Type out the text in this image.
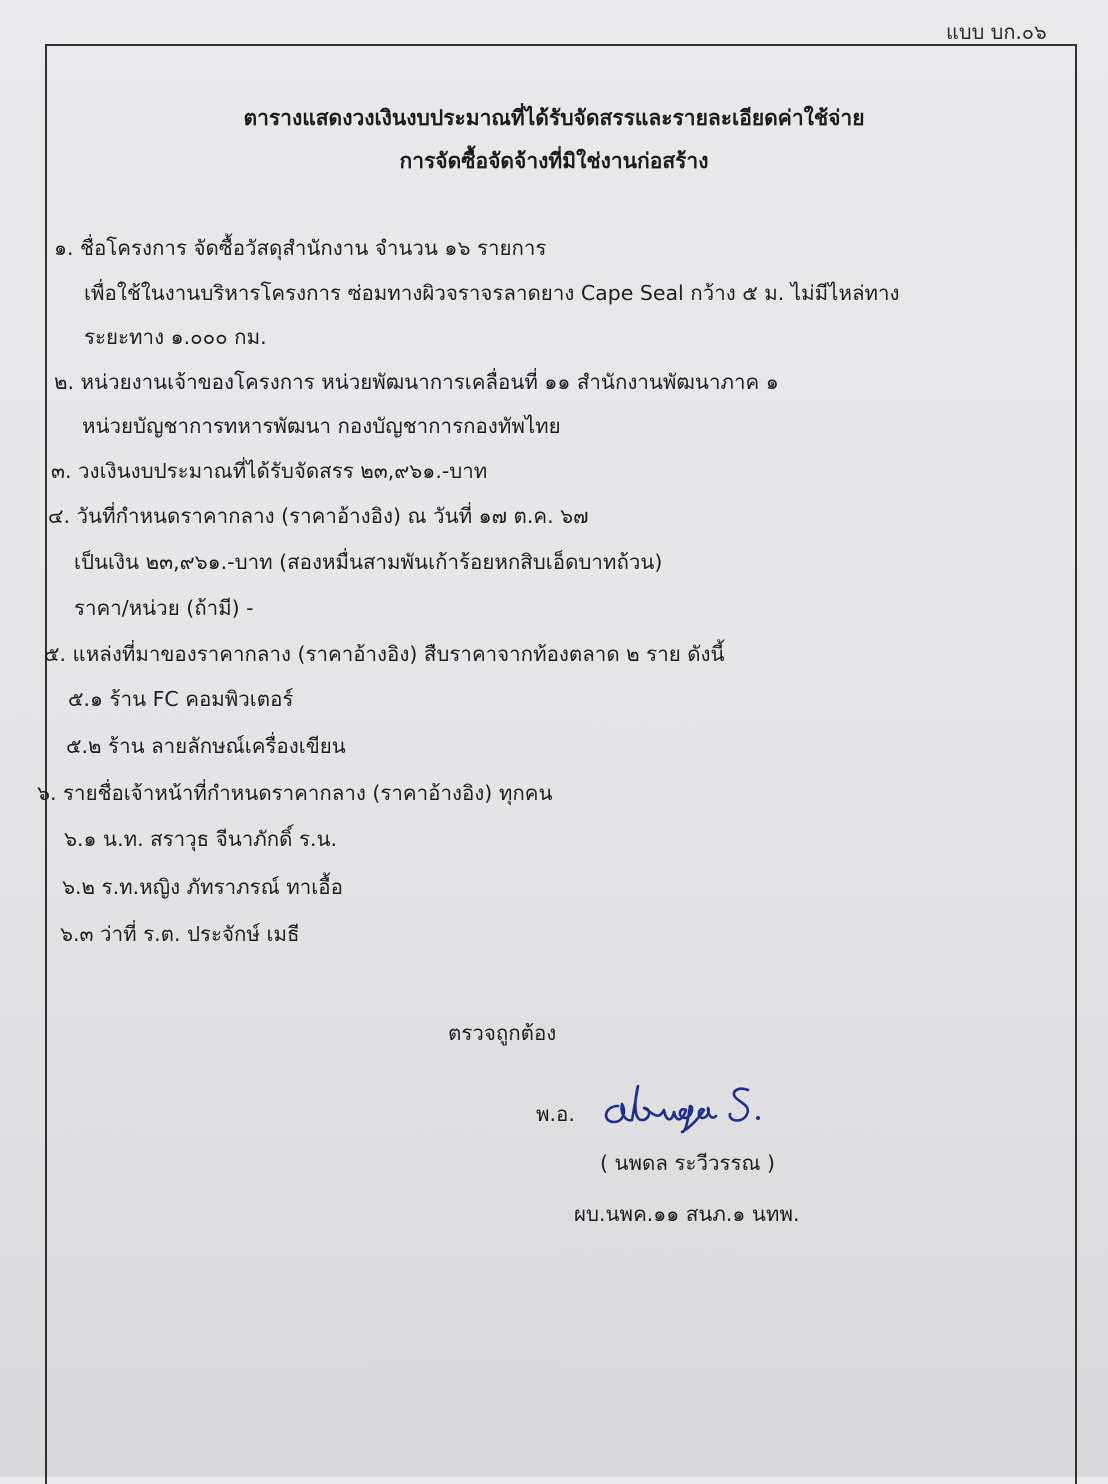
แบบ บก.๐๖
ตารางแสดงวงเงินงบประมาณที่ได้รับจัดสรรและรายละเอียดค่าใช้จ่าย
การจัดซื้อจัดจ้างที่มิใช่งานก่อสร้าง
๑. ชื่อโครงการ จัดซื้อวัสดุสำนักงาน จำนวน ๑๖ รายการ
เพื่อใช้ในงานบริหารโครงการ ซ่อมทางผิวจราจรลาดยาง Cape Seal กว้าง ๕ ม. ไม่มีไหล่ทาง
ระยะทาง ๑.๐๐๐ กม.
๒. หน่วยงานเจ้าของโครงการ หน่วยพัฒนาการเคลื่อนที่ ๑๑ สำนักงานพัฒนาภาค ๑
หน่วยบัญชาการทหารพัฒนา กองบัญชาการกองทัพไทย
๓. วงเงินงบประมาณที่ได้รับจัดสรร ๒๓,๙๖๑.-บาท
๔. วันที่กำหนดราคากลาง (ราคาอ้างอิง) ณ วันที่ ๑๗ ต.ค. ๖๗
เป็นเงิน ๒๓,๙๖๑.-บาท (สองหมื่นสามพันเก้าร้อยหกสิบเอ็ดบาทถ้วน)
ราคา/หน่วย (ถ้ามี) -
๕. แหล่งที่มาของราคากลาง (ราคาอ้างอิง) สืบราคาจากท้องตลาด ๒ ราย ดังนี้
๕.๑ ร้าน FC คอมพิวเตอร์
๕.๒ ร้าน ลายลักษณ์เครื่องเขียน
๖. รายชื่อเจ้าหน้าที่กำหนดราคากลาง (ราคาอ้างอิง) ทุกคน
๖.๑ น.ท. สราวุธ จีนาภักดิ์ ร.น.
๖.๒ ร.ท.หญิง ภัทราภรณ์ ทาเอื้อ
๖.๓ ว่าที่ ร.ต. ประจักษ์ เมธี
ตรวจถูกต้อง
พ.อ.
( นพดล ระวีวรรณ )
ผบ.นพค.๑๑ สนภ.๑ นทพ.
